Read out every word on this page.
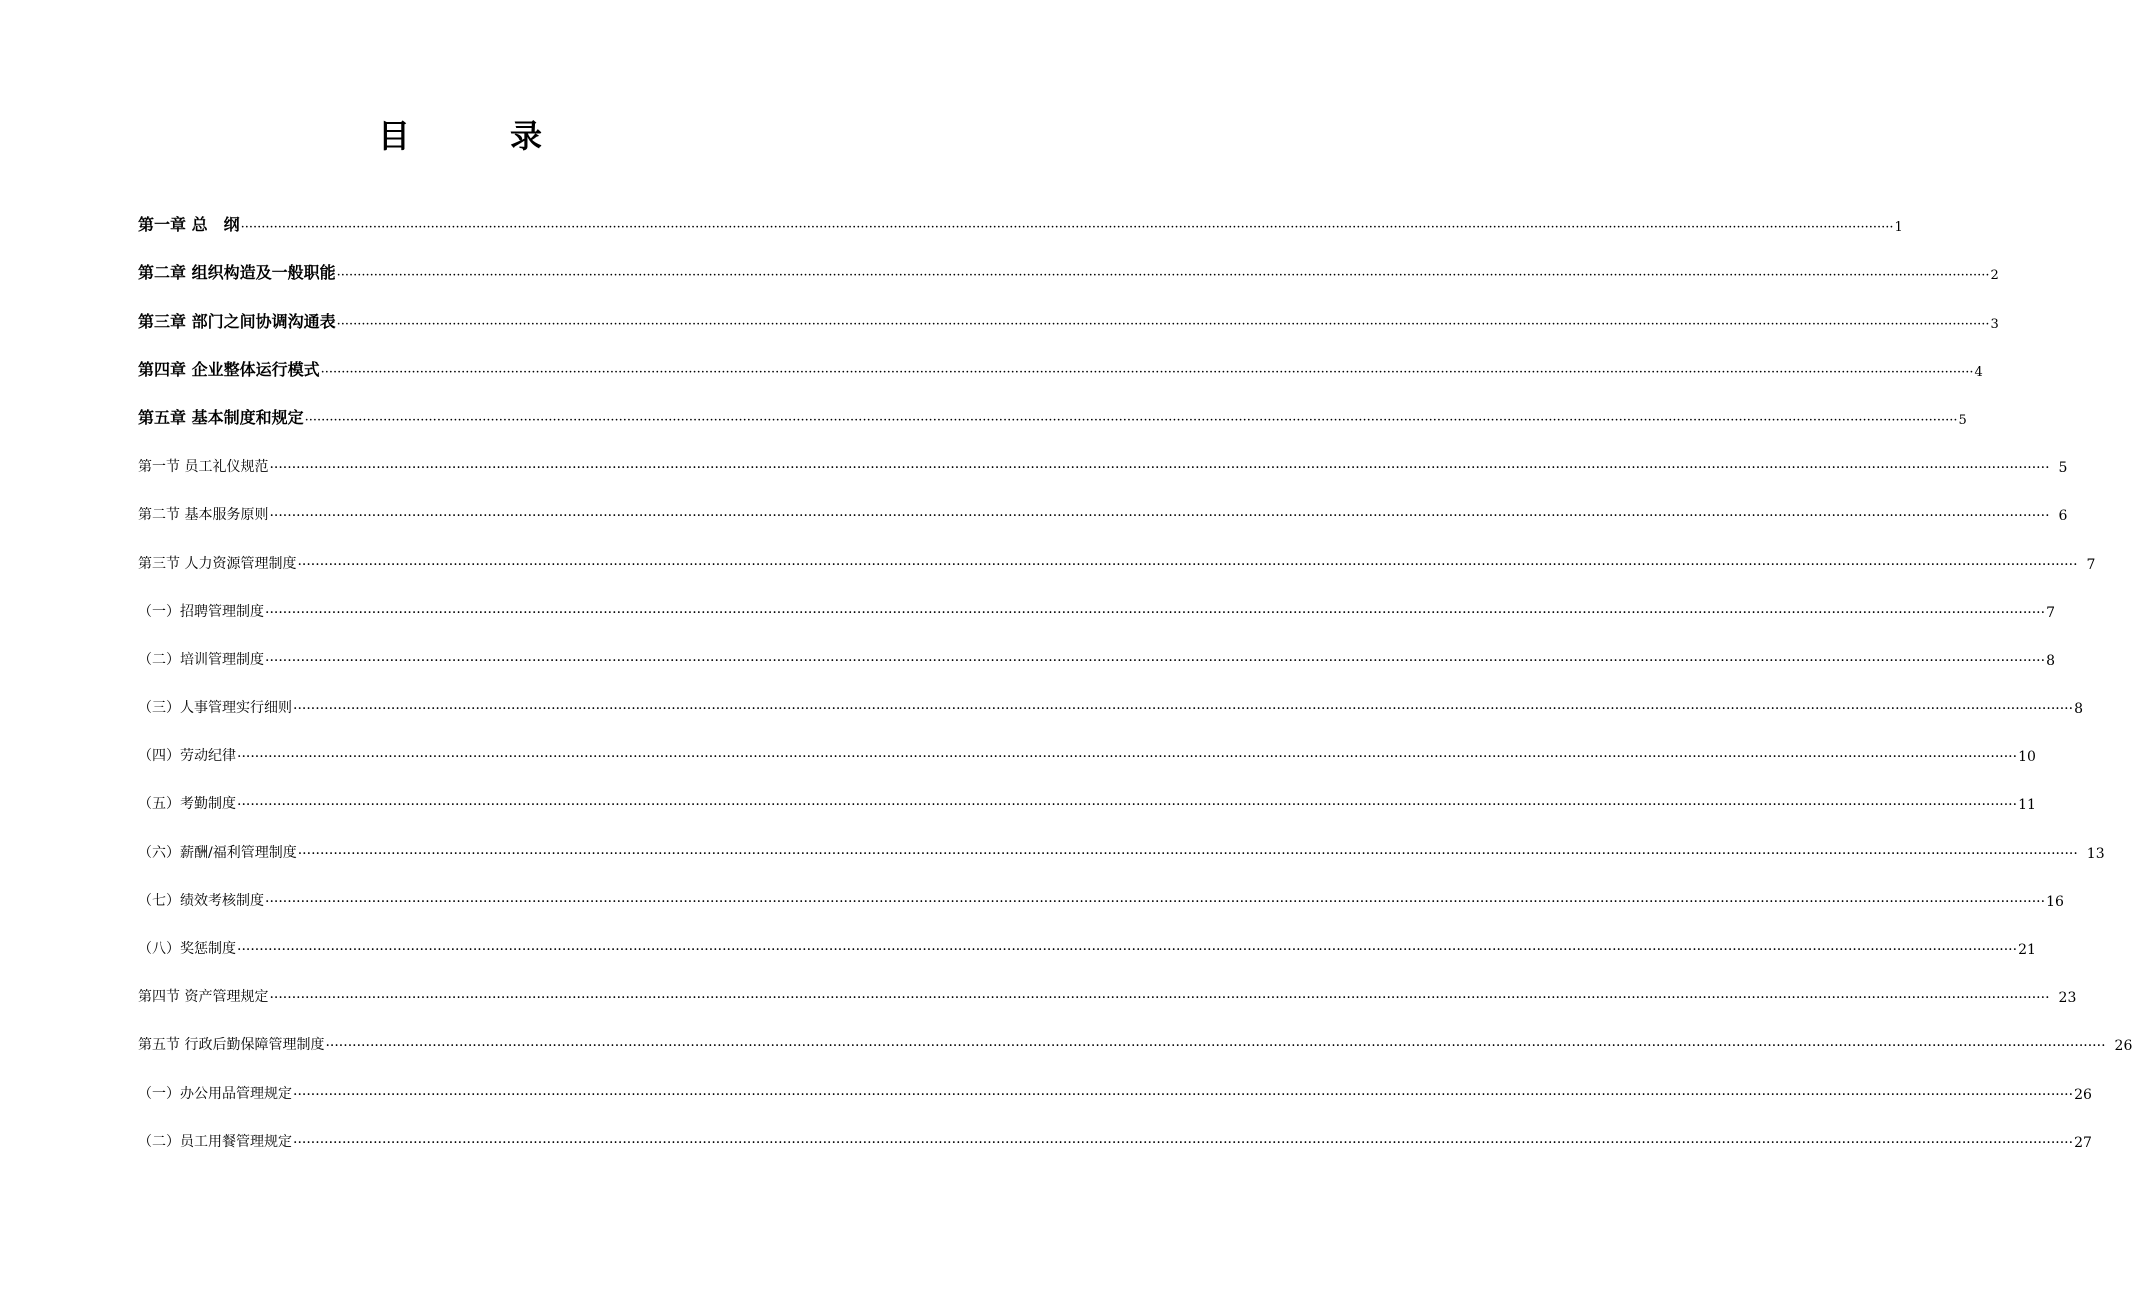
目	录
第一章 总　纲 ················································································································································································································································································································································································································ 1
第二章 组织构造及一般职能 ················································································································································································································································································································································································································ 2
第三章 部门之间协调沟通表 ················································································································································································································································································································································································································ 3
第四章 企业整体运行模式 ················································································································································································································································································································································································································ 4
第五章 基本制度和规定 ················································································································································································································································································································································································································ 5
第一节 员工礼仪规范 ················································································································································································································································································································································································································ 5
第二节 基本服务原则 ················································································································································································································································································································································································································ 6
第三节 人力资源管理制度 ················································································································································································································································································································································································································ 7
（一）招聘管理制度 ················································································································································································································································································································································································································ 7
（二）培训管理制度 ················································································································································································································································································································································································································ 8
（三）人事管理实行细则 ················································································································································································································································································································································································································ 8
（四）劳动纪律 ················································································································································································································································································································································································································ 10
（五）考勤制度 ················································································································································································································································································································································································································ 11
（六）薪酬/福利管理制度 ················································································································································································································································································································································································································ 13
（七）绩效考核制度 ················································································································································································································································································································································································································ 16
（八）奖惩制度 ················································································································································································································································································································································································································ 21
第四节 资产管理规定 ················································································································································································································································································································································································································ 23
第五节 行政后勤保障管理制度 ················································································································································································································································································································································································································ 26
（一）办公用品管理规定 ················································································································································································································································································································································································································ 26
（二）员工用餐管理规定 ················································································································································································································································································································································································································ 27
